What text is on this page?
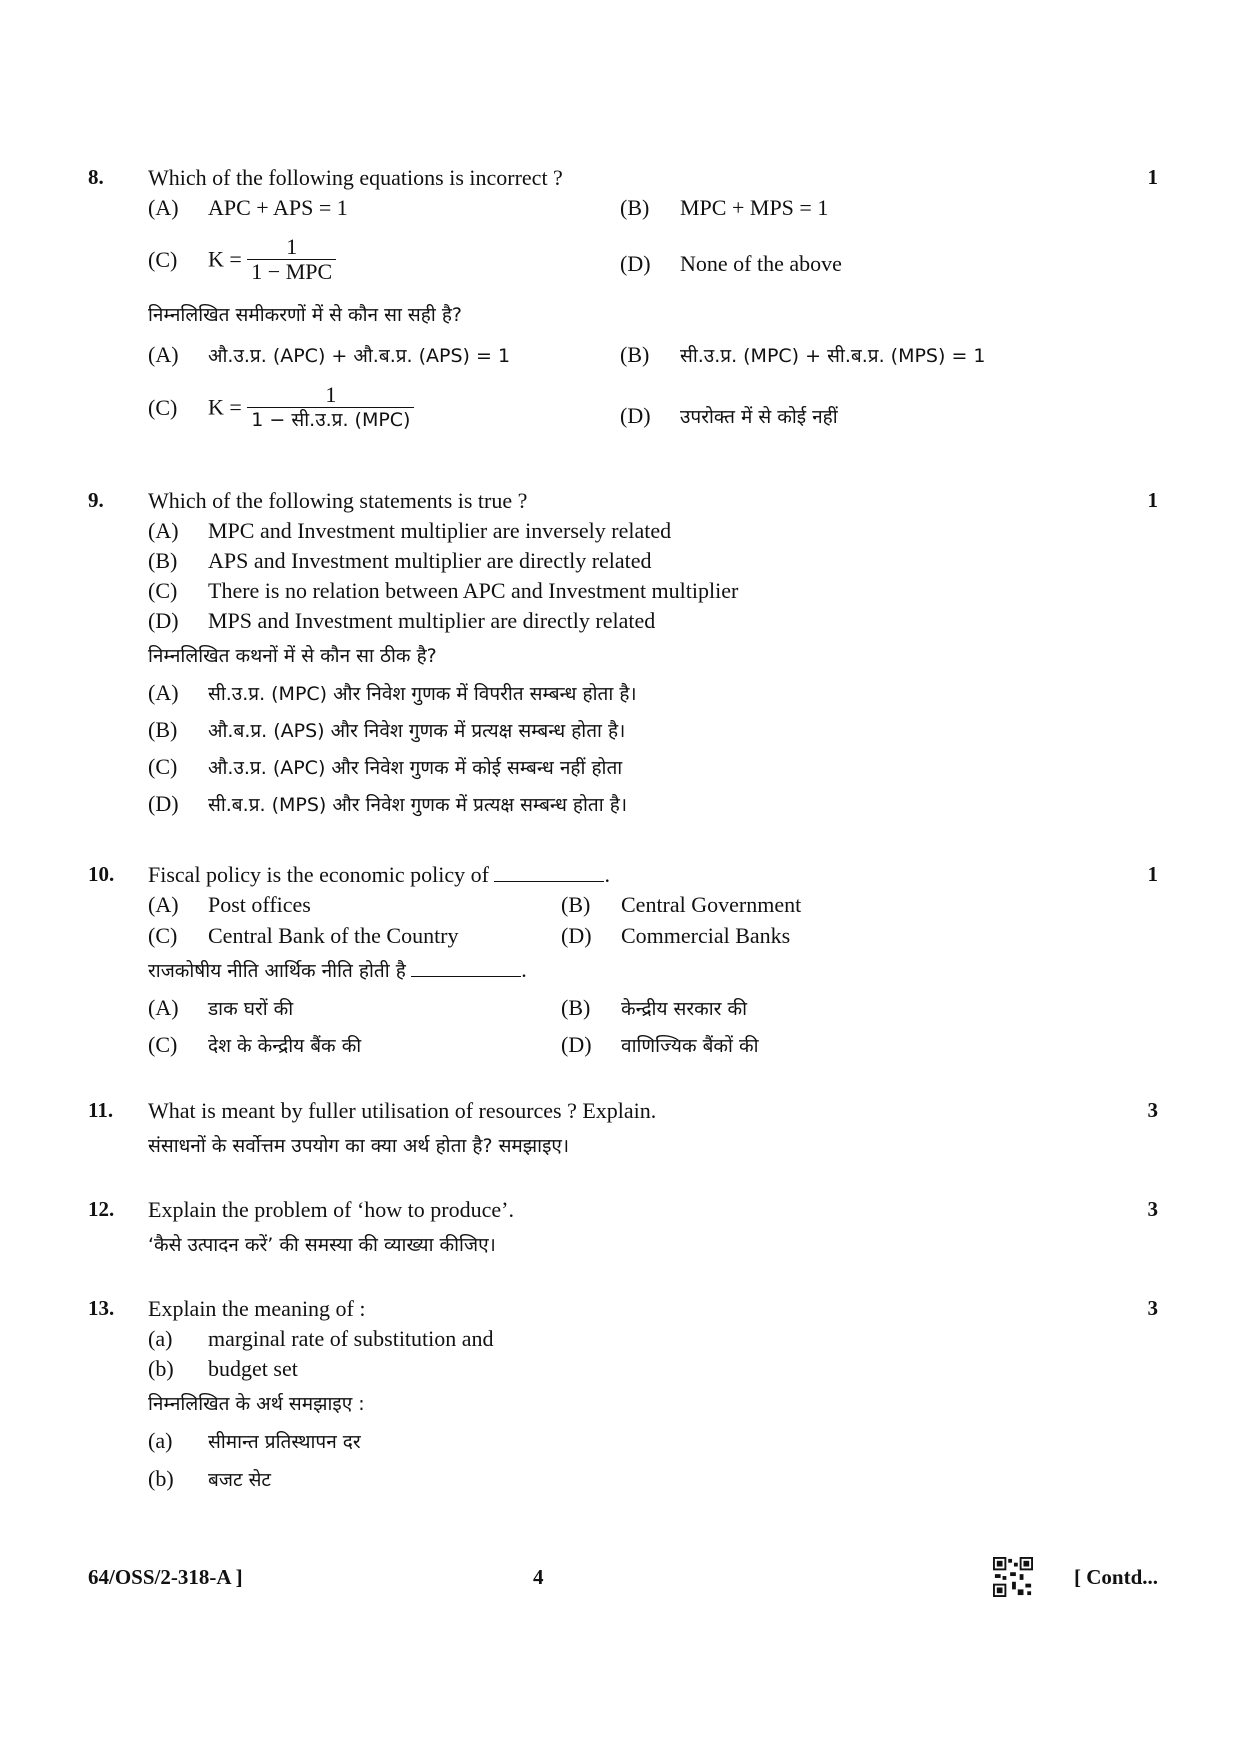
8.	1
Which of the following equations is incorrect ?
(A) APC + APS = 1	(B) MPC + MPS = 1
(C) $K = \frac{1}{\text{1 − MPC}}$	(D) None of the above
निम्नलिखित समीकरणों में से कौन सा सही है?
(A) औ.उ.प्र. (APC) + औ.ब.प्र. (APS) = 1	(B) सी.उ.प्र. (MPC) + सी.ब.प्र. (MPS) = 1
(C) $K = \frac{1}{\text{1 − सी.उ.प्र. (MPC)}}$	(D) उपरोक्त में से कोई नहीं
9.	1
Which of the following statements is true ?
(A) MPC and Investment multiplier are inversely related
(B) APS and Investment multiplier are directly related
(C) There is no relation between APC and Investment multiplier
(D) MPS and Investment multiplier are directly related
निम्नलिखित कथनों में से कौन सा ठीक है?
(A) सी.उ.प्र. (MPC) और निवेश गुणक में विपरीत सम्बन्ध होता है।
(B) औ.ब.प्र. (APS) और निवेश गुणक में प्रत्यक्ष सम्बन्ध होता है।
(C) औ.उ.प्र. (APC) और निवेश गुणक में कोई सम्बन्ध नहीं होता
(D) सी.ब.प्र. (MPS) और निवेश गुणक में प्रत्यक्ष सम्बन्ध होता है।
10.	1
Fiscal policy is the economic policy of	.
(A) Post offices	(B) Central Government
(C) Central Bank of the Country	(D) Commercial Banks
राजकोषीय नीति आर्थिक नीति होती है	.
(A) डाक घरों की	(B) केन्द्रीय सरकार की
(C) देश के केन्द्रीय बैंक की	(D) वाणिज्यिक बैंकों की
11.	3
What is meant by fuller utilisation of resources ? Explain.
संसाधनों के सर्वोत्तम उपयोग का क्या अर्थ होता है? समझाइए।
12.	3
Explain the problem of ‘how to produce’.
‘कैसे उत्पादन करें’ की समस्या की व्याख्या कीजिए।
13.	3
Explain the meaning of :
(a) marginal rate of substitution and
(b) budget set
निम्नलिखित के अर्थ समझाइए :
(a) सीमान्त प्रतिस्थापन दर
(b) बजट सेट
64/OSS/2-318-A ]	4	[ Contd...
